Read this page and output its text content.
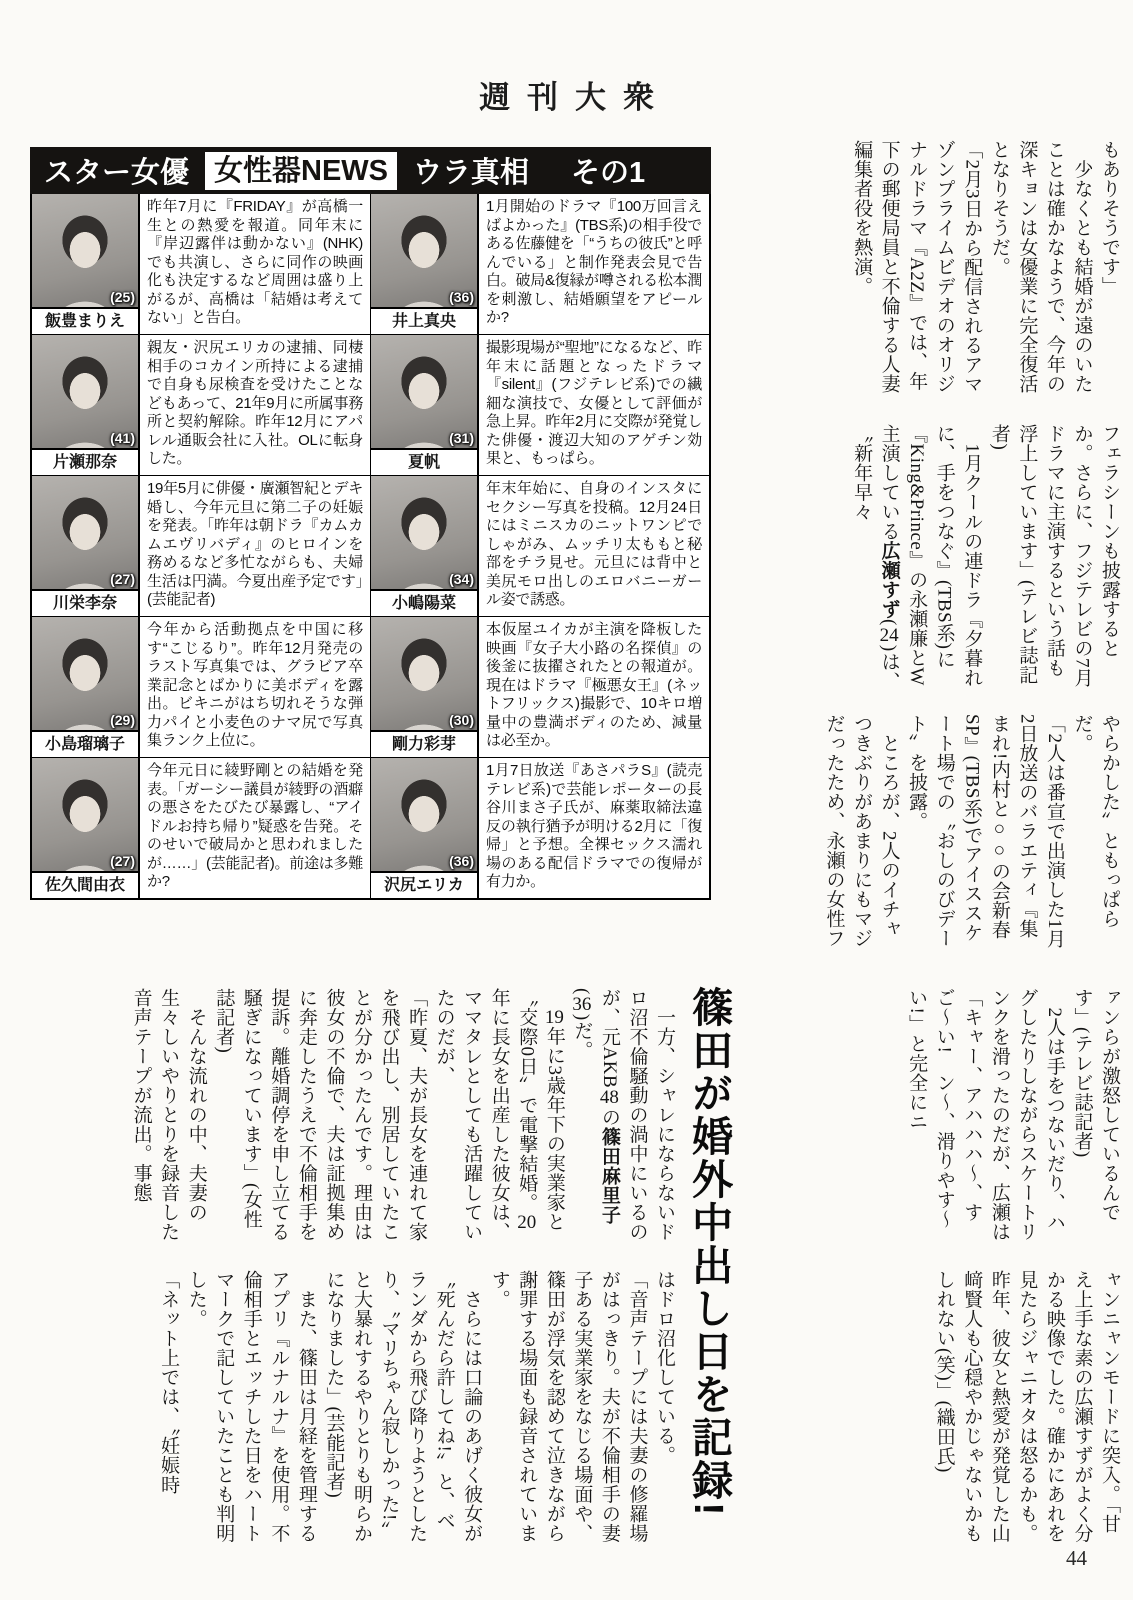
週刊大衆
スター女優 女性器NEWS ウラ真相 その1
(25)
飯豊まりえ
昨年7月に『FRIDAY』が高橋一生との熱愛を報道。同年末に『岸辺露伴は動かない』(NHK)でも共演し、さらに同作の映画化も決定するなど周囲は盛り上がるが、高橋は「結婚は考えてない」と告白。
(36)
井上真央
1月開始のドラマ『100万回言えばよかった』(TBS系)の相手役である佐藤健を「“うちの彼氏”と呼んでいる」と制作発表会見で告白。破局&復縁が噂される松本潤を刺激し、結婚願望をアピールか?
(41)
片瀬那奈
親友・沢尻エリカの逮捕、同棲相手のコカイン所持による逮捕で自身も尿検査を受けたことなどもあって、21年9月に所属事務所と契約解除。昨年12月にアパレル通販会社に入社。OLに転身した。
(31)
夏帆
撮影現場が“聖地”になるなど、昨年末に話題となったドラマ『silent』(フジテレビ系)での繊細な演技で、女優として評価が急上昇。昨年2月に交際が発覚した俳優・渡辺大知のアゲチン効果と、もっぱら。
(27)
川栄李奈
19年5月に俳優・廣瀬智紀とデキ婚し、今年元旦に第二子の妊娠を発表。「昨年は朝ドラ『カムカムエヴリバディ』のヒロインを務めるなど多忙ながらも、夫婦生活は円満。今夏出産予定です」(芸能記者)
(34)
小嶋陽菜
年末年始に、自身のインスタにセクシー写真を投稿。12月24日にはミニスカのニットワンピでしゃがみ、ムッチリ太ももと秘部をチラ見せ。元旦には背中と美尻モロ出しのエロバニーガール姿で誘惑。
(29)
小島瑠璃子
今年から活動拠点を中国に移す“こじるり”。昨年12月発売のラスト写真集では、グラビア卒業記念とばかりに美ボディを露出。ビキニがはち切れそうな弾力パイと小麦色のナマ尻で写真集ランク上位に。
(30)
剛力彩芽
本仮屋ユイカが主演を降板した映画『女子大小路の名探偵』の後釜に抜擢されたとの報道が。現在はドラマ『極悪女王』(ネットフリックス)撮影で、10キロ増量中の豊満ボディのため、減量は必至か。
(27)
佐久間由衣
今年元日に綾野剛との結婚を発表。「ガーシー議員が綾野の酒癖の悪さをたびたび暴露し、“アイドルお持ち帰り”疑惑を告発。そのせいで破局かと思われましたが……」(芸能記者)。前途は多難か?
(36)
沢尻エリカ
1月7日放送『あさパラS』(読売テレビ系)で芸能レポーターの長谷川まさ子氏が、麻薬取締法違反の執行猶予が明ける2月に「復帰」と予想。全裸セックス濡れ場のある配信ドラマでの復帰が有力か。

もありそうです」

　少なくとも結婚が遠のいたことは確かなようで、今年の深キョンは女優業に完全復活となりそうだ。

「2月3日から配信されるアマゾンプライムビデオのオリジナルドラマ『A2Z』では、年下の郵便局員と不倫する人妻編集者役を熱演。

フェラシーンも披露するとか。さらに、フジテレビの7月ドラマに主演するという話も浮上しています」(テレビ誌記者)

　1月クールの連ドラ『夕暮れに、手をつなぐ』(TBS系)に『King&Prince』の永瀬廉とW主演している広瀬すず(24)は、〝新年早々

やらかした〟ともっぱらだ。

「2人は番宣で出演した1月2日放送のバラエティ『集まれ!内村と○○の会新春SP』(TBS系)でアイススケート場での〝おしのびデート〟を披露。

　ところが、2人のイチャつきぶりがあまりにもマジだったため、永瀬の女性フ

ァンらが激怒しているんです」(テレビ誌記者)

　2人は手をつないだり、ハグしたりしながらスケートリンクを滑ったのだが、広瀬は「キャー、アハハハ〜、すご〜い!　ン〜、滑りやす〜い!」と完全にニ

ャンニャンモードに突入。「甘え上手な素の広瀬すずがよく分かる映像でした。確かにあれを見たらジャニオタは怒るかも。昨年、彼女と熱愛が発覚した山﨑賢人も心穏やかじゃないかもしれない(笑)」(織田氏)

篠田が婚外中出し日を記録!

　一方、シャレにならないドロ沼不倫騒動の渦中にいるのが、元AKB48の篠田麻里子(36)だ。

　19年に3歳年下の実業家と〝交際0日〟で電撃結婚。20年に長女を出産した彼女は、ママタレとしても活躍していたのだが、

「昨夏、夫が長女を連れて家を飛び出し、別居していたことが分かったんです。理由は彼女の不倫で、夫は証拠集めに奔走したうえで不倫相手を提訴。離婚調停を申し立てる騒ぎになっています」(女性誌記者)

　そんな流れの中、夫妻の生々しいやりとりを録音した音声テープが流出。事態

はドロ沼化している。

「音声テープには夫妻の修羅場がはっきり。夫が不倫相手の妻子ある実業家をなじる場面や、篠田が浮気を認めて泣きながら謝罪する場面も録音されています。

　さらには口論のあげく彼女が〝死んだら許してね!〟と、ベランダから飛び降りようとしたり、〝マリちゃん寂しかった!〟と大暴れするやりとりも明らかになりました」(芸能記者)

　また、篠田は月経を管理するアプリ『ルナルナ』を使用。不倫相手とエッチした日をハートマークで記していたことも判明した。

「ネット上では、〝妊娠時

44
